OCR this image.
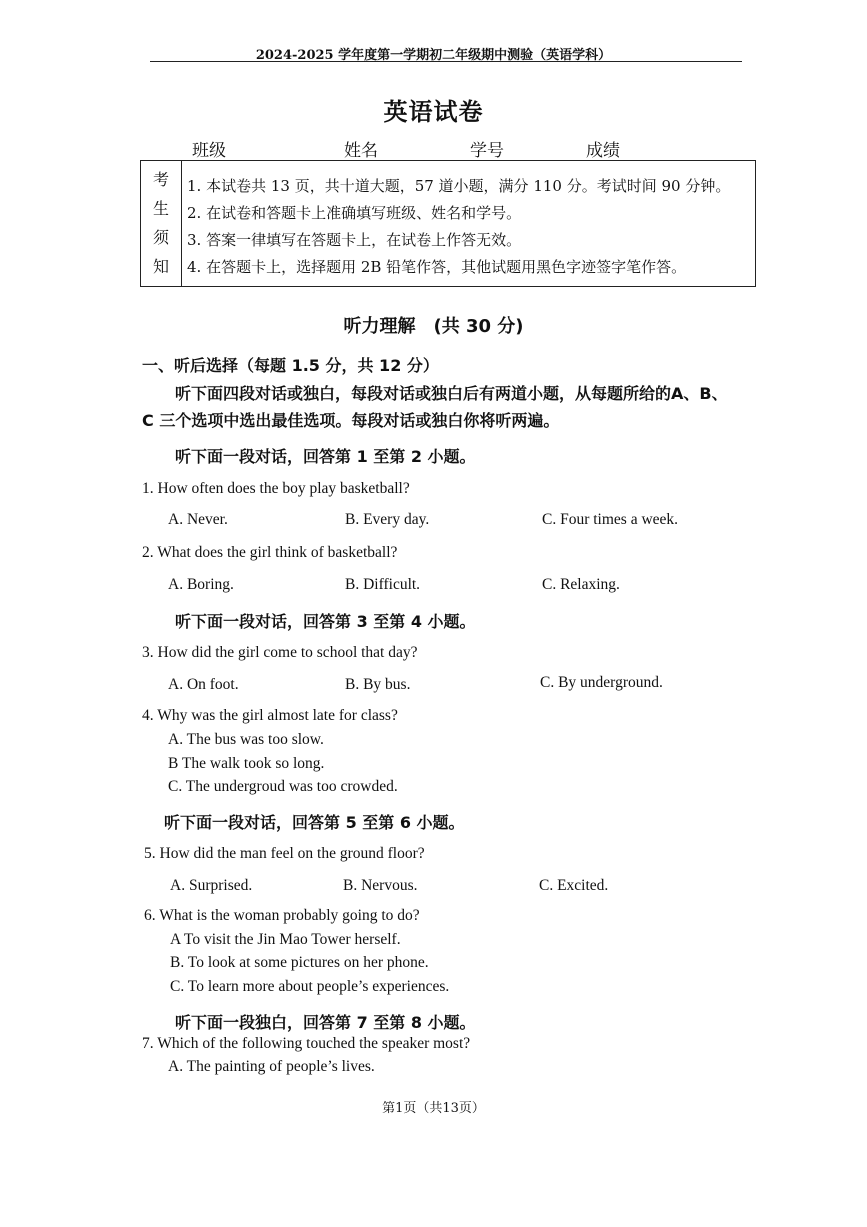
2024-2025 学年度第一学期初二年级期中测验（英语学科）
英语试卷
班级	姓名	学号	成绩
考
生
须
知
1. 本试卷共 13 页，共十道大题，57 道小题，满分 110 分。考试时间 90 分钟。
2. 在试卷和答题卡上准确填写班级、姓名和学号。
3. 答案一律填写在答题卡上，在试卷上作答无效。
4. 在答题卡上，选择题用 2B 铅笔作答，其他试题用黑色字迹签字笔作答。
听力理解　(共 30 分)
一、听后选择（每题 1.5 分，共 12 分）
听下面四段对话或独白，每段对话或独白后有两道小题，从每题所给的A、B、
C 三个选项中选出最佳选项。每段对话或独白你将听两遍。
听下面一段对话，回答第 1 至第 2 小题。
1. How often does the boy play basketball?
A. Never.	B. Every day.	C. Four times a week.
2. What does the girl think of basketball?
A. Boring.	B. Difficult.	C. Relaxing.
听下面一段对话，回答第 3 至第 4 小题。
3. How did the girl come to school that day?
A. On foot.	B. By bus.	C. By underground.
4. Why was the girl almost late for class?
A. The bus was too slow.
B The walk took so long.
C. The undergroud was too crowded.
听下面一段对话，回答第 5 至第 6 小题。
5. How did the man feel on the ground floor?
A. Surprised.	B. Nervous.	C. Excited.
6. What is the woman probably going to do?
A To visit the Jin Mao Tower herself.
B. To look at some pictures on her phone.
C. To learn more about people’s experiences.
听下面一段独白，回答第 7 至第 8 小题。
7. Which of the following touched the speaker most?
A. The painting of people’s lives.
第1页（共13页）
